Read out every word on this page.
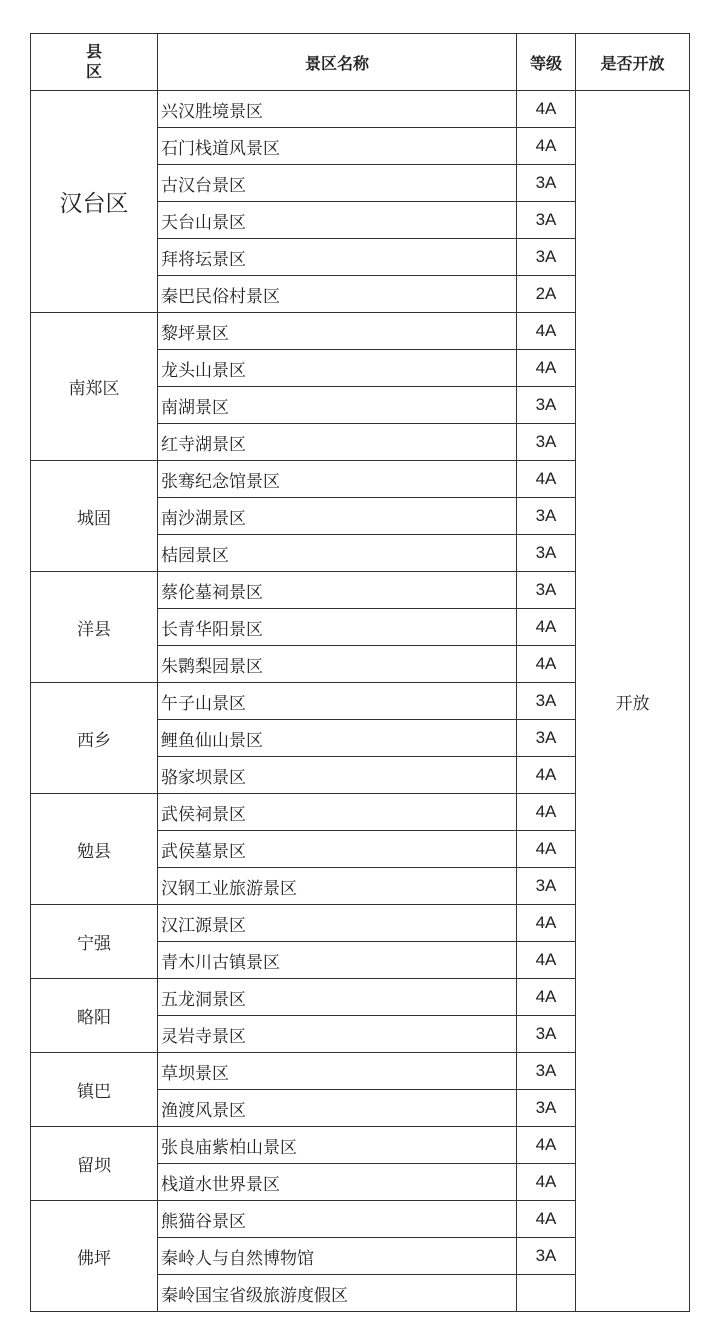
县
区	景区名称	等级	是否开放
汉台区	兴汉胜境景区	4A	开放
	石门栈道风景区	4A	
	古汉台景区	3A	
	天台山景区	3A	
	拜将坛景区	3A	
	秦巴民俗村景区	2A	
南郑区	黎坪景区	4A	
	龙头山景区	4A	
	南湖景区	3A	
	红寺湖景区	3A	
城固	张骞纪念馆景区	4A	
	南沙湖景区	3A	
	桔园景区	3A	
洋县	蔡伦墓祠景区	3A	
	长青华阳景区	4A	
	朱鹮梨园景区	4A	
西乡	午子山景区	3A	
	鲤鱼仙山景区	3A	
	骆家坝景区	4A	
勉县	武侯祠景区	4A	
	武侯墓景区	4A	
	汉钢工业旅游景区	3A	
宁强	汉江源景区	4A	
	青木川古镇景区	4A	
略阳	五龙洞景区	4A	
	灵岩寺景区	3A	
镇巴	草坝景区	3A	
	渔渡风景区	3A	
留坝	张良庙紫柏山景区	4A	
	栈道水世界景区	4A	
佛坪	熊猫谷景区	4A	
	秦岭人与自然博物馆	3A	
	秦岭国宝省级旅游度假区		
